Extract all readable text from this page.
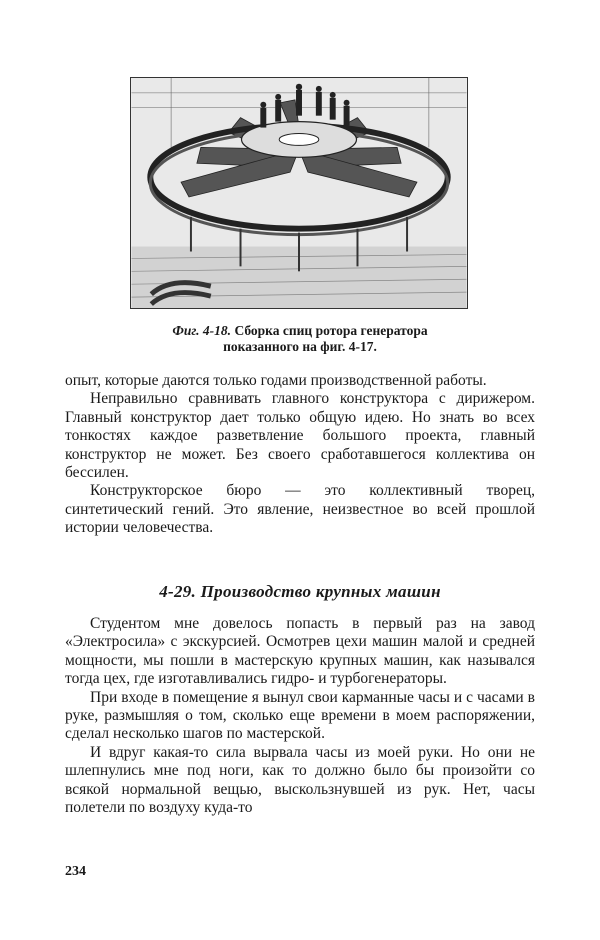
Фиг. 4-18. Сборка спиц ротора генератора
показанного на фиг. 4-17.

опыт, которые даются только годами производственной работы.

Неправильно сравнивать главного конструктора с дирижером. Главный конструктор дает только общую идею. Но знать во всех тонкостях каждое разветвление большого проекта, главный конструктор не может. Без своего сработавшегося коллектива он бессилен.

Конструкторское бюро — это коллективный творец, синтетический гений. Это явление, неизвестное во всей прошлой истории человечества.

4-29. Производство крупных машин

Студентом мне довелось попасть в первый раз на завод «Электросила» с экскурсией. Осмотрев цехи машин малой и средней мощности, мы пошли в мастерскую крупных машин, как назывался тогда цех, где изготавливались гидро- и турбогенераторы.

При входе в помещение я вынул свои карманные часы и с часами в руке, размышляя о том, сколько еще времени в моем распоряжении, сделал несколько шагов по мастерской.

И вдруг какая-то сила вырвала часы из моей руки. Но они не шлепнулись мне под ноги, как то должно было бы произойти со всякой нормальной вещью, выскользнувшей из рук. Нет, часы полетели по воздуху куда-то

234
